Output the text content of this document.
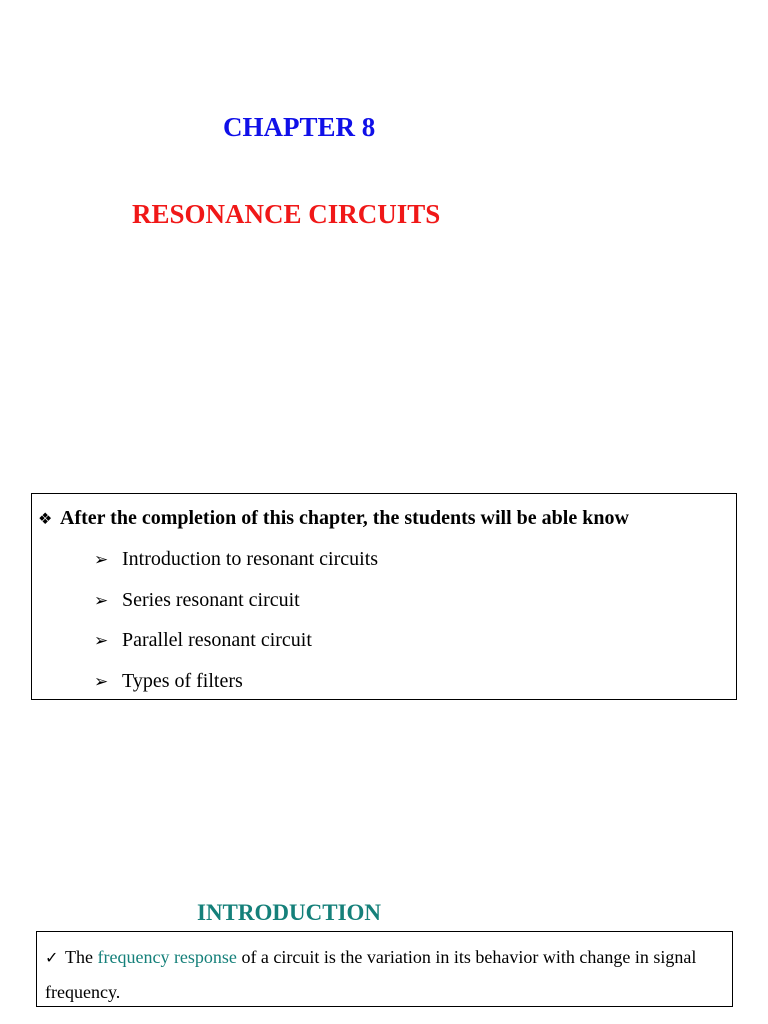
CHAPTER 8
RESONANCE CIRCUITS
❖ After the completion of this chapter, the students will be able know
➢ Introduction to resonant circuits
➢ Series resonant circuit
➢ Parallel resonant circuit
➢ Types of filters
INTRODUCTION

✓ The frequency response of a circuit is the variation in its behavior with change in signal frequency.
